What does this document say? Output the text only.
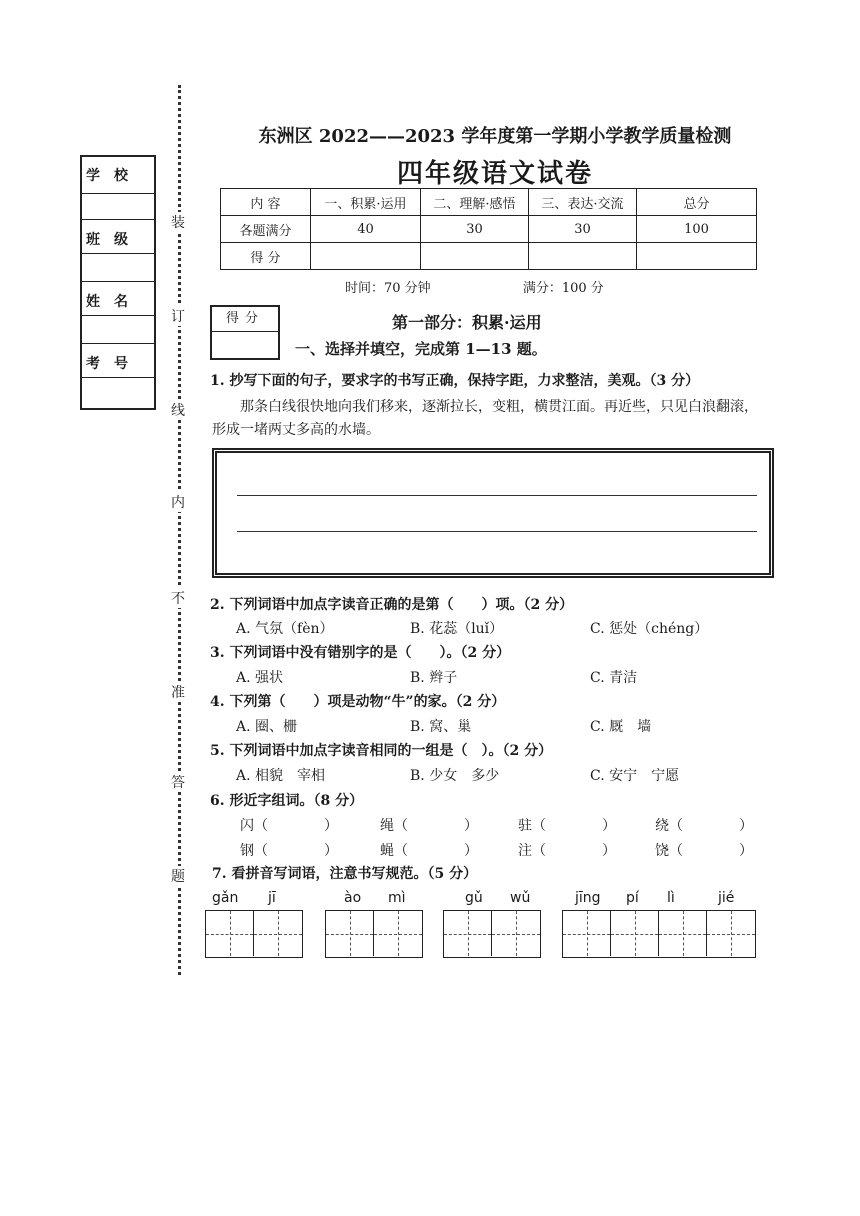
学校
班级
姓名
考号
装
订
线
内
不
准
答
题
东洲区 2022——2023 学年度第一学期小学教学质量检测
四年级语文试卷
内 容	一、积累·运用	二、理解·感悟	三、表达·交流	总分
各题满分	40	30	30	100
得 分				
时间：70 分钟	满分：100 分
得分	第一部分：积累·运用
一、选择并填空，完成第 1—13 题。
1. 抄写下面的句子，要求字的书写正确，保持字距，力求整洁，美观。（3 分）
那条白线很快地向我们移来，逐渐拉长，变粗，横贯江面。再近些，只见白浪翻滚，形成一堵两丈多高的水墙。
2. 下列词语中加点字读音正确的是第（　　）项。（2 分）
A. 气氛（fèn）	B. 花蕊（luǐ）	C. 惩处（chéng）
3. 下列词语中没有错别字的是（　　）。（2 分）
A. 强状	B. 辫子	C. 青洁
4. 下列第（　　）项是动物“牛”的家。（2 分）
A. 圈、栅	B. 窝、巢	C. 厩　墙
5. 下列词语中加点字读音相同的一组是（　）。（2 分）
A. 相貌　宰相	B. 少女　多少	C. 安宁　宁愿
6. 形近字组词。（8 分）
闪（　　　　）	绳（　　　　）	驻（　　　　）	绕（　　　　）
钢（　　　　）	蝇（　　　　）	注（　　　　）	饶（　　　　）
7. 看拼音写词语，注意书写规范。（5 分）
gǎn jī	ào mì	gǔ wǔ	jīng pí lì	jié
